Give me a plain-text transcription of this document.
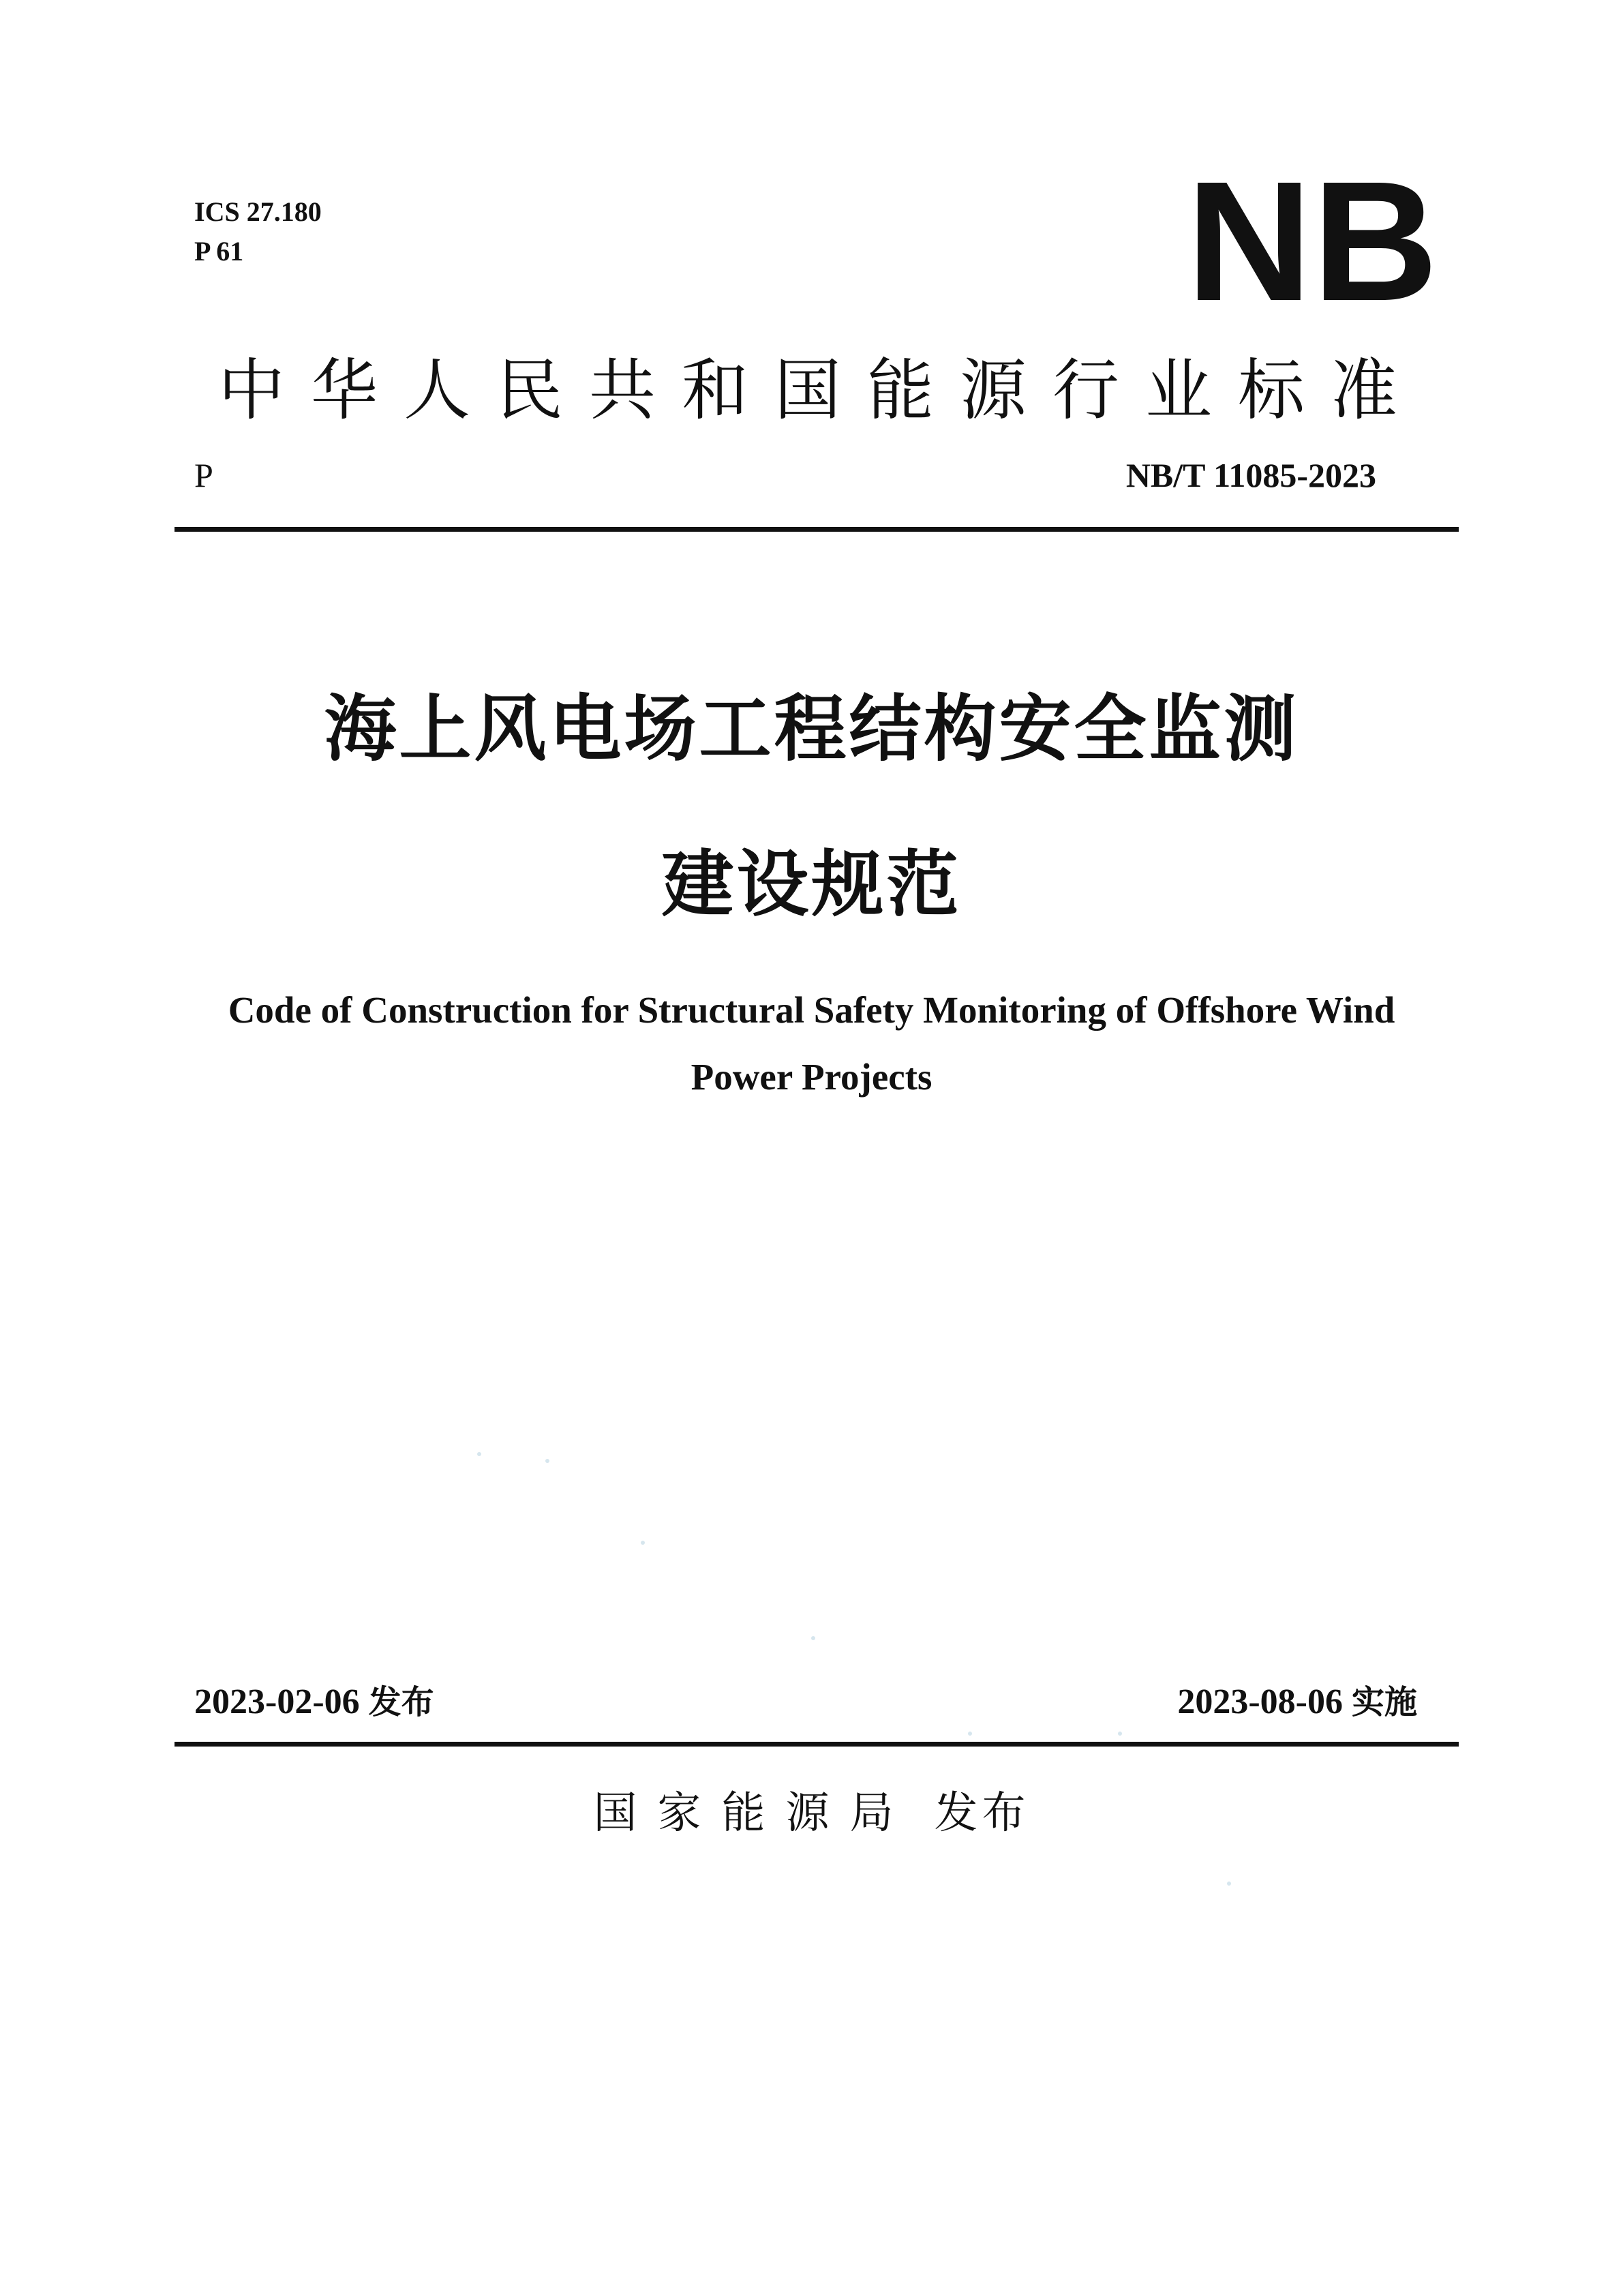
ICS 27.180
P 61	NB
中华人民共和国能源行业标准
P	NB/T 11085-2023
海上风电场工程结构安全监测
建设规范
Code of Construction for Structural Safety Monitoring of Offshore Wind
Power Projects
2023-02-06 发布	2023-08-06 实施
国家能源局 发布
